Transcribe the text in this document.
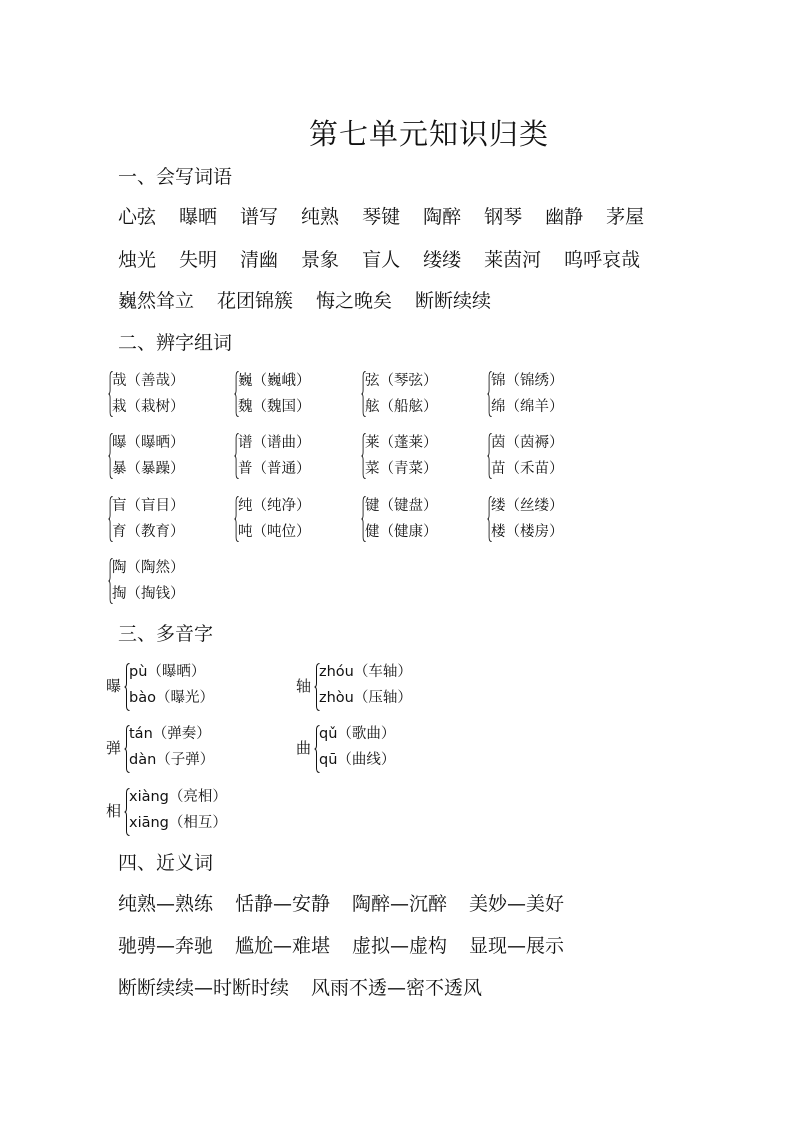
第七单元知识归类
一、会写词语
心弦 曝晒 谱写 纯熟 琴键 陶醉 钢琴 幽静 茅屋
烛光 失明 清幽 景象 盲人 缕缕 莱茵河 呜呼哀哉
巍然耸立 花团锦簇 悔之晚矣 断断续续
二、辨字组词
哉（善哉）
栽（栽树）
巍（巍峨）
魏（魏国）
弦（琴弦）
舷（船舷）
锦（锦绣）
绵（绵羊）
曝（曝晒）
暴（暴躁）
谱（谱曲）
普（普通）
莱（蓬莱）
菜（青菜）
茵（茵褥）
苗（禾苗）
盲（盲目）
育（教育）
纯（纯净）
吨（吨位）
键（键盘）
健（健康）
缕（丝缕）
楼（楼房）
陶（陶然）
掏（掏钱）
三、多音字
曝
pù（曝晒）
bào（曝光）
轴
zhóu（车轴）
zhòu（压轴）
弹
tán（弹奏）
dàn（子弹）
曲
qǔ（歌曲）
qū（曲线）
相
xiàng（亮相）
xiāng（相互）
四、近义词
纯熟—熟练 恬静—安静 陶醉—沉醉 美妙—美好
驰骋—奔驰 尴尬—难堪 虚拟—虚构 显现—展示
断断续续—时断时续 风雨不透—密不透风
